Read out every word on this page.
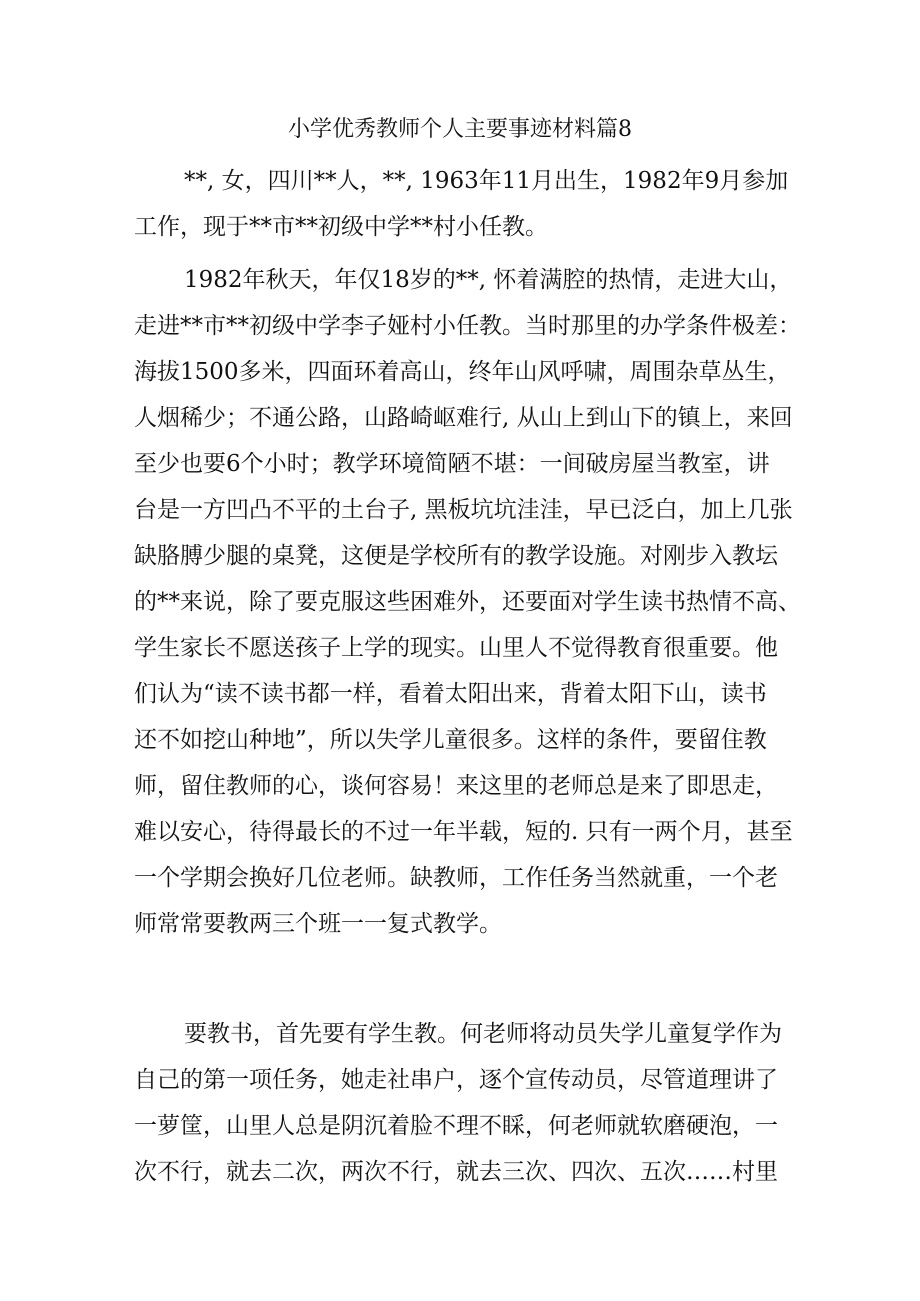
小学优秀教师个人主要事迹材料篇8
**, 女，四川**人，**, 1963年11月出生，1982年9月参加
工作，现于**市**初级中学**村小任教。
1982年秋天，年仅18岁的**, 怀着满腔的热情，走进大山，
走进**市**初级中学李子娅村小任教。当时那里的办学条件极差：
海拔1500多米，四面环着高山，终年山风呼啸，周围杂草丛生，
人烟稀少；不通公路，山路崎岖难行, 从山上到山下的镇上，来回
至少也要6个小时；教学环境简陋不堪：一间破房屋当教室，讲
台是一方凹凸不平的土台子, 黑板坑坑洼洼，早已泛白，加上几张
缺胳膊少腿的桌凳，这便是学校所有的教学设施。对刚步入教坛
的**来说，除了要克服这些困难外，还要面对学生读书热情不高、
学生家长不愿送孩子上学的现实。山里人不觉得教育很重要。他
们认为“读不读书都一样，看着太阳出来，背着太阳下山，读书
还不如挖山种地”，所以失学儿童很多。这样的条件，要留住教
师，留住教师的心，谈何容易！来这里的老师总是来了即思走，
难以安心，待得最长的不过一年半载，短的. 只有一两个月，甚至
一个学期会换好几位老师。缺教师，工作任务当然就重，一个老
师常常要教两三个班一一复式教学。
要教书，首先要有学生教。何老师将动员失学儿童复学作为
自己的第一项任务，她走社串户，逐个宣传动员，尽管道理讲了
一萝筐，山里人总是阴沉着脸不理不睬，何老师就软磨硬泡，一
次不行，就去二次，两次不行，就去三次、四次、五次……村里
